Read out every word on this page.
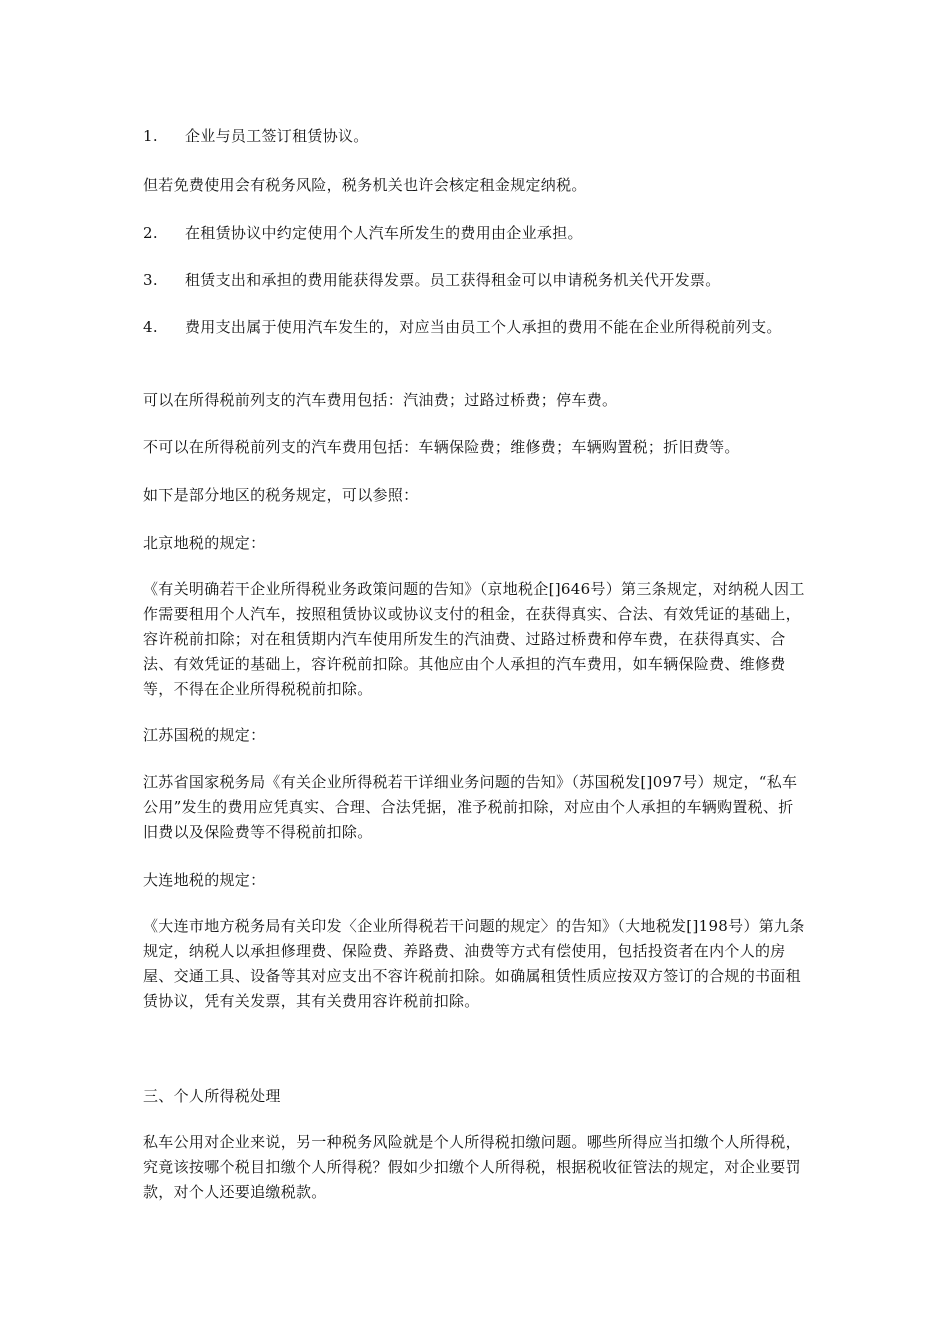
1. 企业与员工签订租赁协议。

但若免费使用会有税务风险，税务机关也许会核定租金规定纳税。

2. 在租赁协议中约定使用个人汽车所发生的费用由企业承担。

3. 租赁支出和承担的费用能获得发票。员工获得租金可以申请税务机关代开发票。

4. 费用支出属于使用汽车发生的，对应当由员工个人承担的费用不能在企业所得税前列支。

可以在所得税前列支的汽车费用包括：汽油费；过路过桥费；停车费。

不可以在所得税前列支的汽车费用包括：车辆保险费；维修费；车辆购置税；折旧费等。

如下是部分地区的税务规定，可以参照：

北京地税的规定：

《有关明确若干企业所得税业务政策问题的告知》（京地税企[]646号）第三条规定，对纳税人因工作需要租用个人汽车，按照租赁协议或协议支付的租金，在获得真实、合法、有效凭证的基础上，容许税前扣除；对在租赁期内汽车使用所发生的汽油费、过路过桥费和停车费，在获得真实、合法、有效凭证的基础上，容许税前扣除。其他应由个人承担的汽车费用，如车辆保险费、维修费等，不得在企业所得税税前扣除。

江苏国税的规定：

江苏省国家税务局《有关企业所得税若干详细业务问题的告知》（苏国税发[]097号）规定，“私车公用”发生的费用应凭真实、合理、合法凭据，准予税前扣除，对应由个人承担的车辆购置税、折旧费以及保险费等不得税前扣除。

大连地税的规定：

《大连市地方税务局有关印发〈企业所得税若干问题的规定〉的告知》（大地税发[]198号）第九条规定，纳税人以承担修理费、保险费、养路费、油费等方式有偿使用，包括投资者在内个人的房屋、交通工具、设备等其对应支出不容许税前扣除。如确属租赁性质应按双方签订的合规的书面租赁协议，凭有关发票，其有关费用容许税前扣除。

三、个人所得税处理

私车公用对企业来说，另一种税务风险就是个人所得税扣缴问题。哪些所得应当扣缴个人所得税，究竟该按哪个税目扣缴个人所得税？假如少扣缴个人所得税，根据税收征管法的规定，对企业要罚款，对个人还要追缴税款。
